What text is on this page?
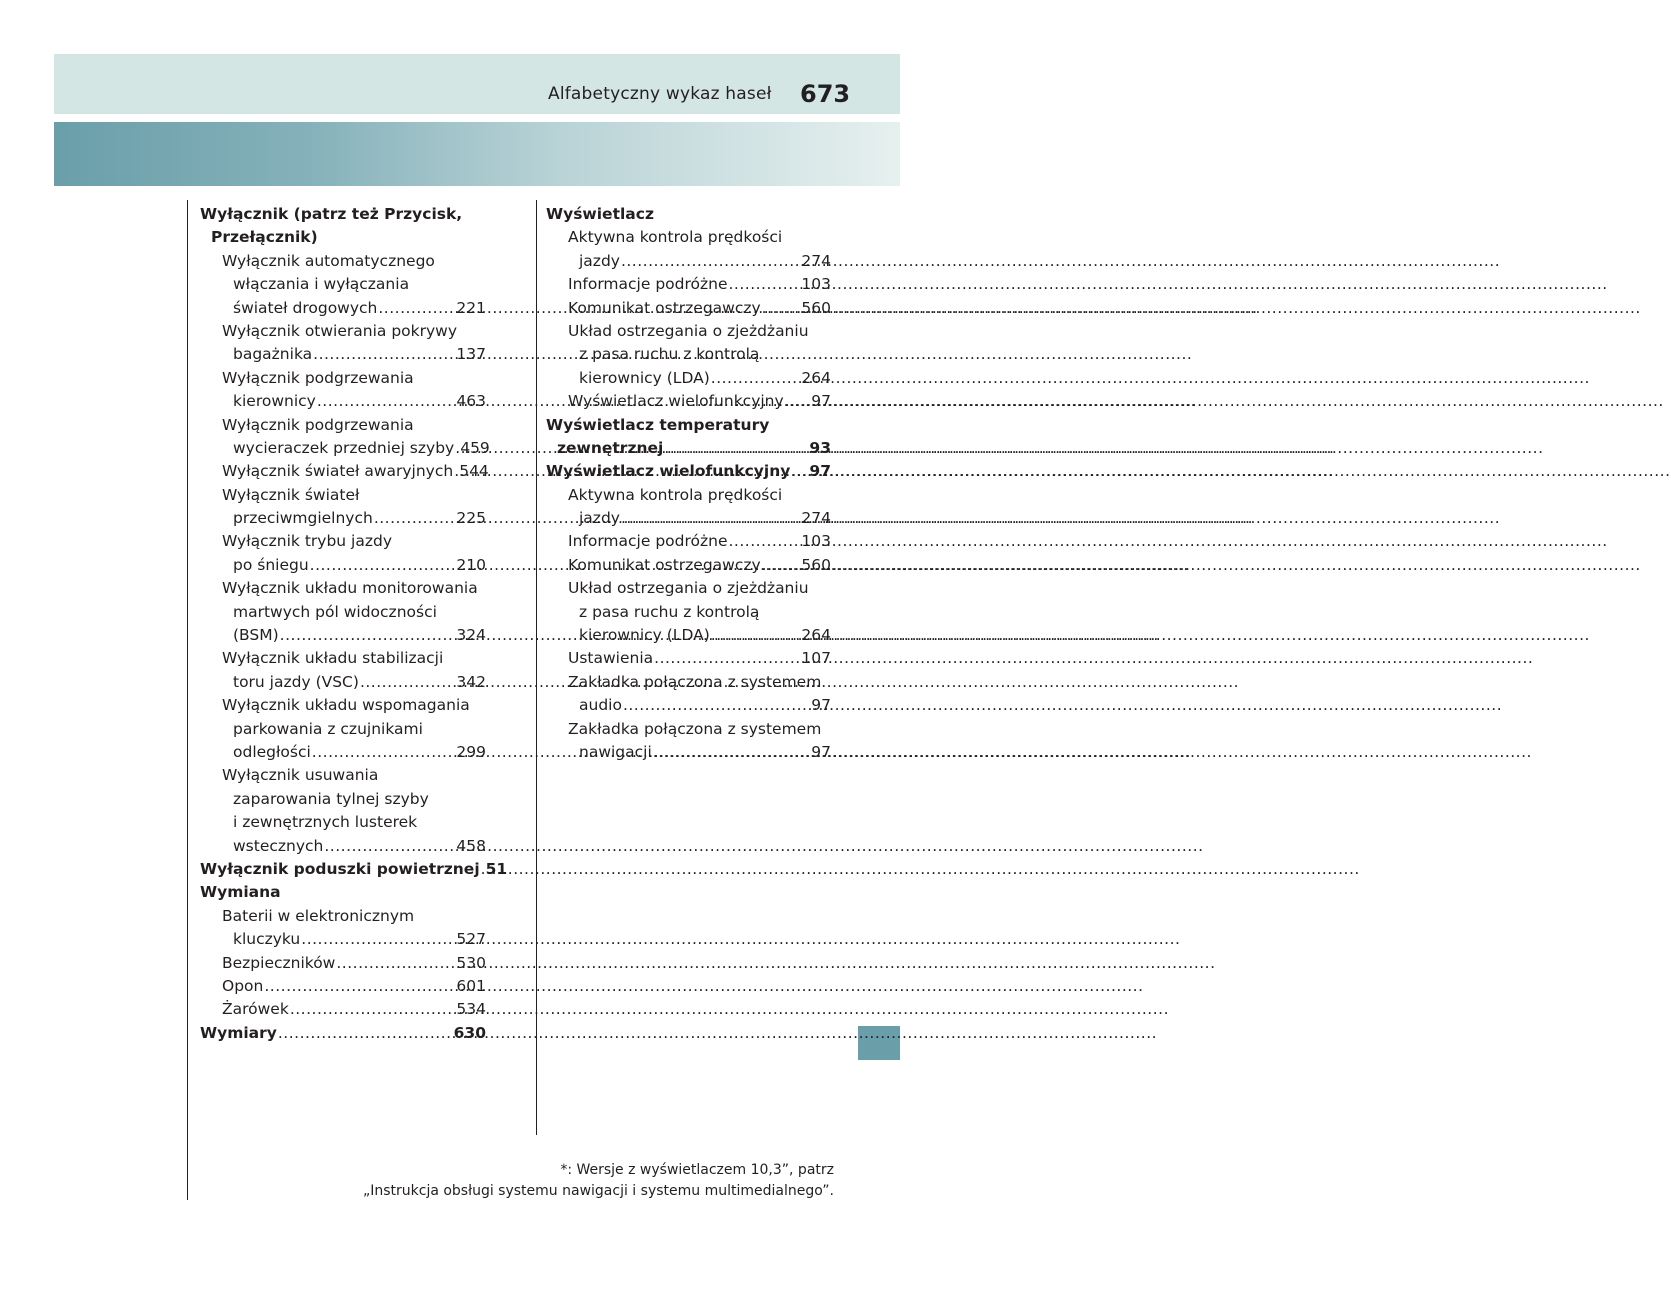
Alfabetyczny wykaz haseł 673
Wyłącznik (patrz też Przycisk,
Przełącznik)
Wyłącznik automatycznego
włączania i wyłączania
świateł drogowych .....	221
Wyłącznik otwierania pokrywy
bagażnika .....	137
Wyłącznik podgrzewania
kierownicy .....	463
Wyłącznik podgrzewania
wycieraczek przedniej szyby ..... 459
Wyłącznik świateł awaryjnych ..... 544
Wyłącznik świateł
przeciwmgielnych .....	225
Wyłącznik trybu jazdy
po śniegu .....	210
Wyłącznik układu monitorowania
martwych pól widoczności
(BSM) .....	324
Wyłącznik układu stabilizacji
toru jazdy (VSC) .....	342
Wyłącznik układu wspomagania
parkowania z czujnikami
odległości .....	299
Wyłącznik usuwania
zaparowania tylnej szyby
i zewnętrznych lusterek
wstecznych .....	458
Wyłącznik poduszki powietrznej ..... 51
Wymiana
Baterii w elektronicznym
kluczyku .....	527
Bezpieczników .....	530
Opon .....	601
Żarówek .....	534
Wymiary .....	630
Wyświetlacz
Aktywna kontrola prędkości
jazdy .....	274
Informacje podróżne .....	103
Komunikat ostrzegawczy .....	560
Układ ostrzegania o zjeżdżaniu
z pasa ruchu z kontrolą
kierownicy (LDA) .....	264
Wyświetlacz wielofunkcyjny ..... 97
Wyświetlacz temperatury
zewnętrznej .....	93
Wyświetlacz wielofunkcyjny ..... 97
Aktywna kontrola prędkości
jazdy .....	274
Informacje podróżne .....	103
Komunikat ostrzegawczy .....	560
Układ ostrzegania o zjeżdżaniu
z pasa ruchu z kontrolą
kierownicy (LDA) .....	264
Ustawienia .....	107
Zakładka połączona z systemem
audio .....	97
Zakładka połączona z systemem
nawigacji .....	97
*: Wersje z wyświetlaczem 10,3”, patrz
„Instrukcja obsługi systemu nawigacji i systemu multimedialnego”.
